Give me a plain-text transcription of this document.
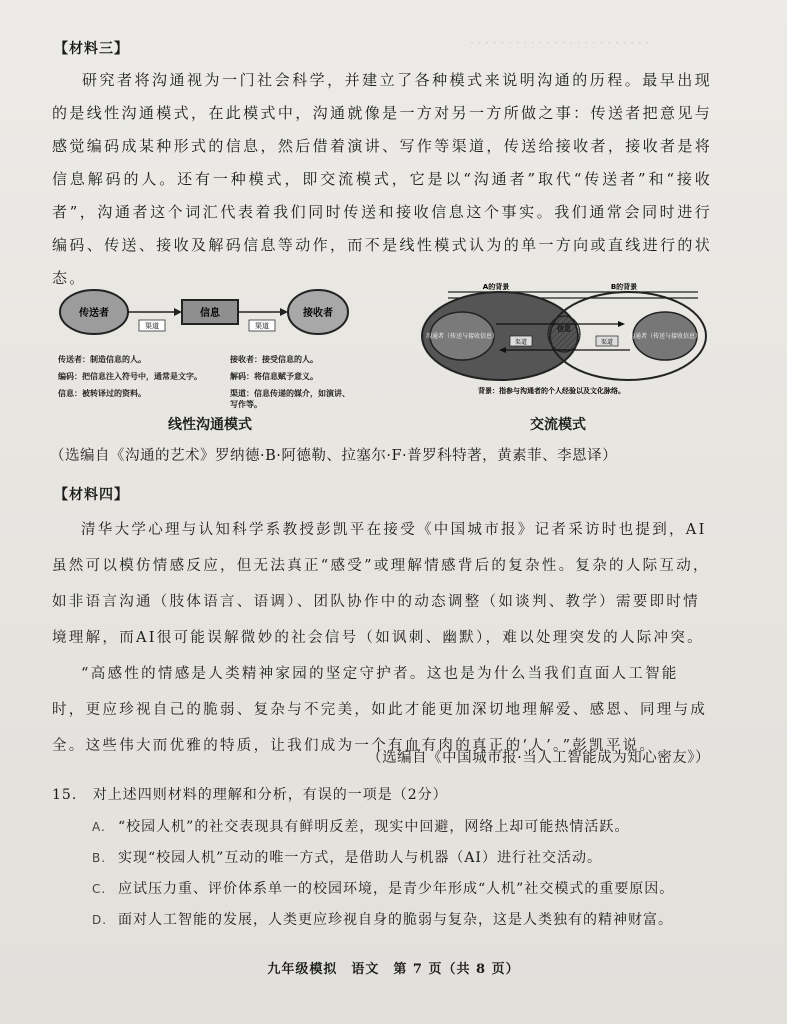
· · · · · · · · · · · · · · · · · · · · · · · ·
【材料三】

研究者将沟通视为一门社会科学，并建立了各种模式来说明沟通的历程。最早出现的是线性沟通模式，在此模式中，沟通就像是一方对另一方所做之事：传送者把意见与感觉编码成某种形式的信息，然后借着演讲、写作等渠道，传送给接收者，接收者是将信息解码的人。还有一种模式，即交流模式，它是以“沟通者”取代“传送者”和“接收者”，沟通者这个词汇代表着我们同时传送和接收信息这个事实。我们通常会同时进行编码、传送、接收及解码信息等动作，而不是线性模式认为的单一方向或直线进行的状态。

传送者
渠道
信息
渠道
接收者
传送者：制造信息的人。	接收者：接受信息的人。
编码：把信息注入符号中，通常是文字。	解码：将信息赋予意义。
信息：被转译过的资料。	渠道：信息传递的媒介，如演讲、写作等。
A的背景	B的背景
沟通者（传送与接收信息）	沟通者（传送与接收信息）
信息
渠道	渠道
背景：指参与沟通者的个人经验以及文化脉络。
线性沟通模式	交流模式
（选编自《沟通的艺术》罗纳德·B·阿德勒、拉塞尔·F·普罗科特著，黄素菲、李恩译）
【材料四】

清华大学心理与认知科学系教授彭凯平在接受《中国城市报》记者采访时也提到，AI虽然可以模仿情感反应，但无法真正“感受”或理解情感背后的复杂性。复杂的人际互动，如非语言沟通（肢体语言、语调）、团队协作中的动态调整（如谈判、教学）需要即时情境理解，而AI很可能误解微妙的社会信号（如讽刺、幽默），难以处理突发的人际冲突。

“高感性的情感是人类精神家园的坚定守护者。这也是为什么当我们直面人工智能时，更应珍视自己的脆弱、复杂与不完美，如此才能更加深切地理解爱、感恩、同理与成全。这些伟大而优雅的特质，让我们成为一个有血有肉的真正的‘人’。”彭凯平说。

（选编自《中国城市报·当人工智能成为知心密友》）
15. 对上述四则材料的理解和分析，有误的一项是（2分）
A. “校园人机”的社交表现具有鲜明反差，现实中回避，网络上却可能热情活跃。
B. 实现“校园人机”互动的唯一方式，是借助人与机器（AI）进行社交活动。
C. 应试压力重、评价体系单一的校园环境，是青少年形成“人机”社交模式的重要原因。
D. 面对人工智能的发展，人类更应珍视自身的脆弱与复杂，这是人类独有的精神财富。
九年级模拟　语文　第 7 页（共 8 页）
